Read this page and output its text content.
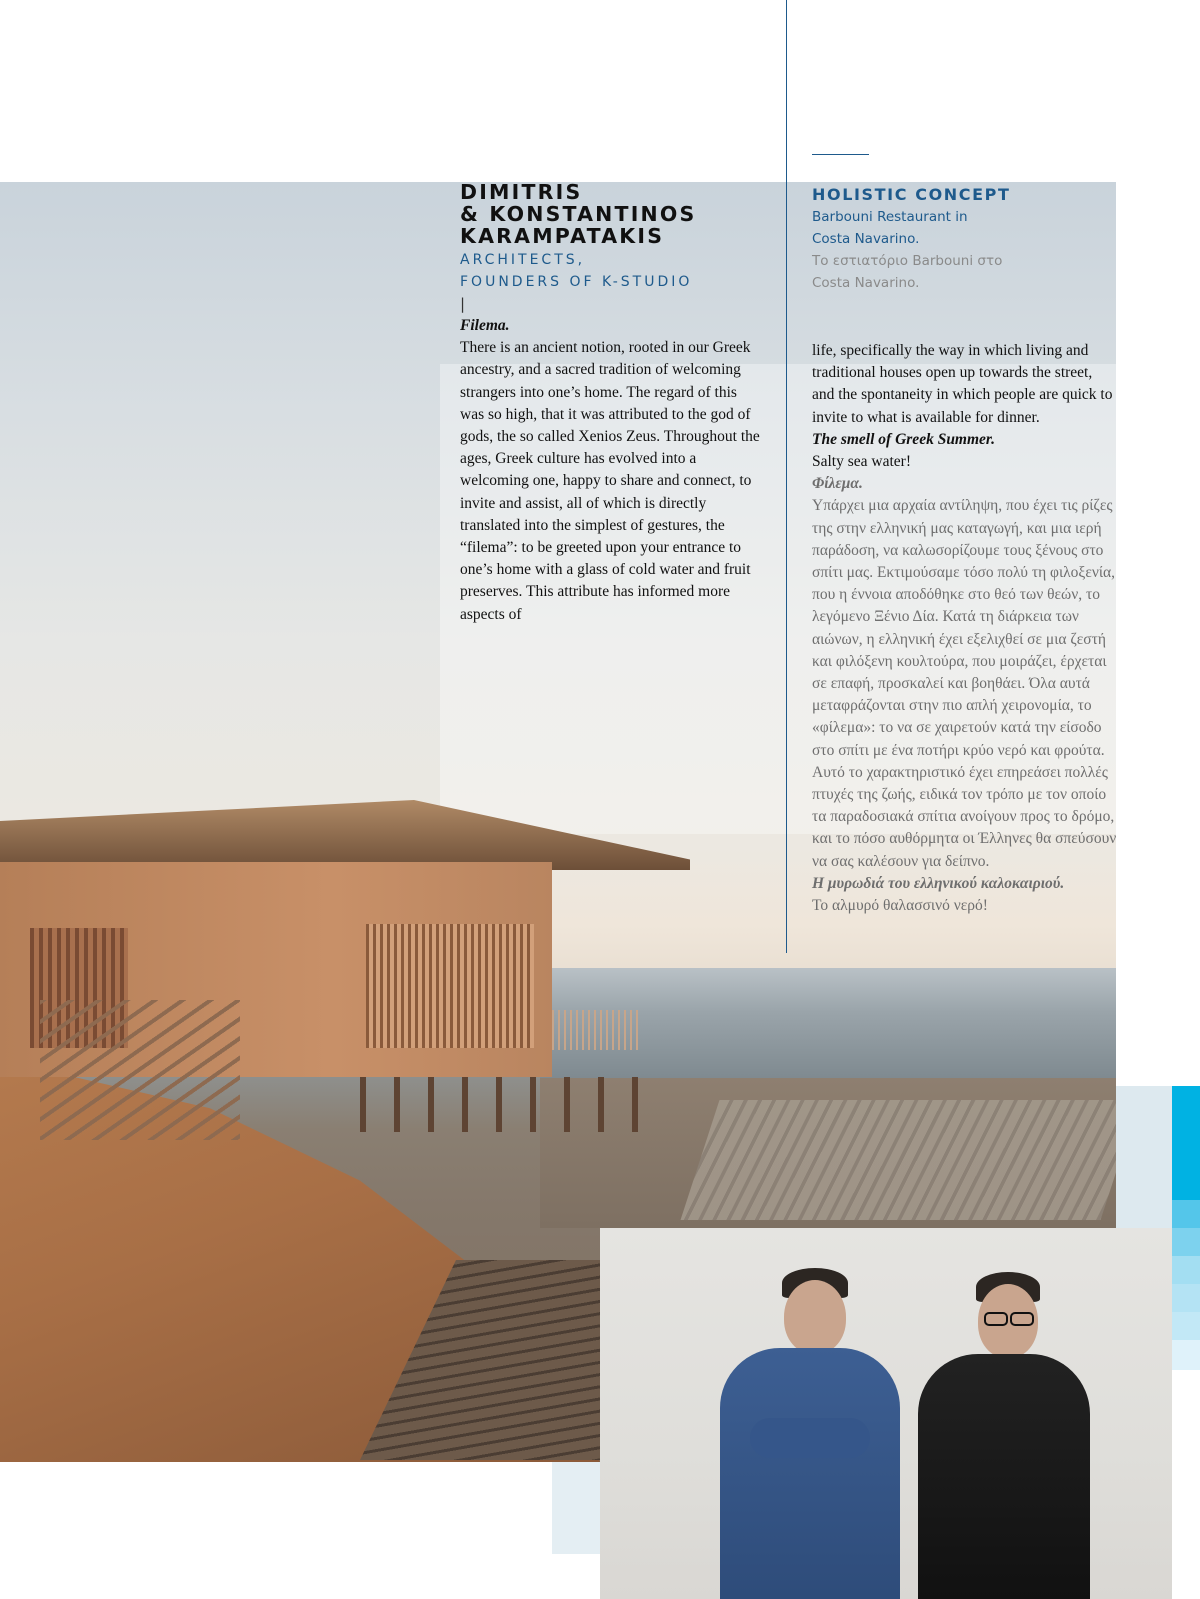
DIMITRIS
& KONSTANTINOS
KARAMPATAKIS

ARCHITECTS,
FOUNDERS OF K-STUDIO

|

Filema.

There is an ancient notion, rooted in our Greek ancestry, and a sacred tradition of welcoming strangers into one’s home. The regard of this was so high, that it was attributed to the god of gods, the so called Xenios Zeus. Throughout the ages, Greek culture has evolved into a welcoming one, happy to share and connect, to invite and assist, all of which is directly translated into the simplest of gestures, the “filema”: to be greeted upon your entrance to one’s home with a glass of cold water and fruit preserves. This attribute has informed more aspects of

HOLISTIC CONCEPT

Barbouni Restaurant in
Costa Navarino.

Το εστιατόριο Barbouni στο
Costa Navarino.

life, specifically the way in which living and traditional houses open up towards the street, and the spontaneity in which people are quick to invite to what is available for dinner.

The smell of Greek Summer.

Salty sea water!

Φίλεμα.

Υπάρχει μια αρχαία αντίληψη, που έχει τις ρίζες της στην ελληνική μας καταγωγή, και μια ιερή παράδοση, να καλωσορίζουμε τους ξένους στο σπίτι μας. Εκτιμούσαμε τόσο πολύ τη φιλοξενία, που η έννοια αποδόθηκε στο θεό των θεών, το λεγόμενο Ξένιο Δία. Κατά τη διάρκεια των αιώνων, η ελληνική έχει εξελιχθεί σε μια ζεστή και φιλόξενη κουλτούρα, που μοιράζει, έρχεται σε επαφή, προσκαλεί και βοηθάει. Όλα αυτά μεταφράζονται στην πιο απλή χειρονομία, το «φίλεμα»: το να σε χαιρετούν κατά την είσοδο στο σπίτι με ένα ποτήρι κρύο νερό και φρούτα. Αυτό το χαρακτηριστικό έχει επηρεάσει πολλές πτυχές της ζωής, ειδικά τον τρόπο με τον οποίο τα παραδοσιακά σπίτια ανοίγουν προς το δρόμο, και το πόσο αυθόρμητα οι Έλληνες θα σπεύσουν να σας καλέσουν για δείπνο.

Η μυρωδιά του ελληνικού καλοκαιριού.

Το αλμυρό θαλασσινό νερό!
